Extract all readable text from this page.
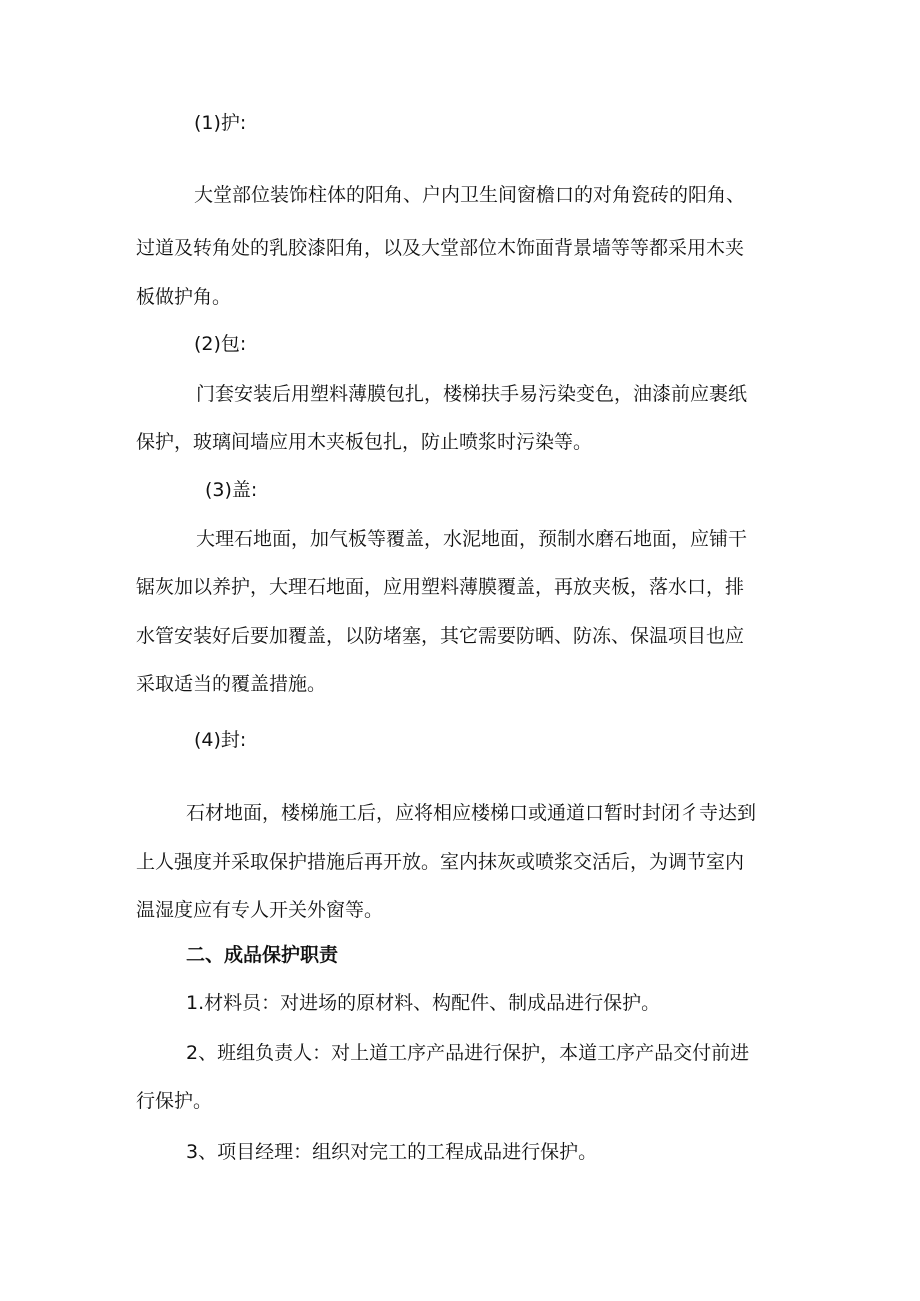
(1)护:
大堂部位装饰柱体的阳角、户内卫生间窗檐口的对角瓷砖的阳角、
过道及转角处的乳胶漆阳角，以及大堂部位木饰面背景墙等等都采用木夹
板做护角。
(2)包:
门套安装后用塑料薄膜包扎，楼梯扶手易污染变色，油漆前应裹纸
保护，玻璃间墙应用木夹板包扎，防止喷浆时污染等。
(3)盖:
大理石地面，加气板等覆盖，水泥地面，预制水磨石地面，应铺干
锯灰加以养护，大理石地面，应用塑料薄膜覆盖，再放夹板，落水口，排
水管安装好后要加覆盖，以防堵塞，其它需要防晒、防冻、保温项目也应
采取适当的覆盖措施。
(4)封:
石材地面，楼梯施工后，应将相应楼梯口或通道口暂时封闭彳寺达到
上人强度并采取保护措施后再开放。室内抹灰或喷浆交活后，为调节室内
温湿度应有专人开关外窗等。
二、成品保护职责
1.材料员：对进场的原材料、构配件、制成品进行保护。
2、班组负责人：对上道工序产品进行保护，本道工序产品交付前进
行保护。
3、项目经理：组织对完工的工程成品进行保护。
